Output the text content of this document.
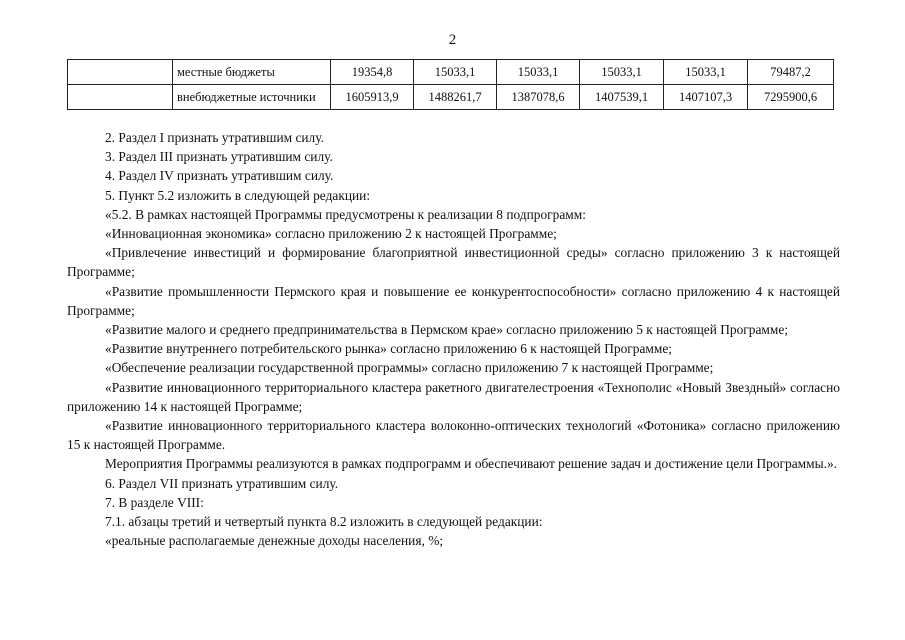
2
	местные бюджеты	19354,8	15033,1	15033,1	15033,1	15033,1	79487,2
	внебюджетные источники	1605913,9	1488261,7	1387078,6	1407539,1	1407107,3	7295900,6

2. Раздел I признать утратившим силу.

3. Раздел III признать утратившим силу.

4. Раздел IV признать утратившим силу.

5. Пункт 5.2 изложить в следующей редакции:

«5.2. В рамках настоящей Программы предусмотрены к реализации 8 подпрограмм:

«Инновационная экономика» согласно приложению 2 к настоящей Программе;

«Привлечение инвестиций и формирование благоприятной инвестиционной среды» согласно приложению 3 к настоящей Программе;

«Развитие промышленности Пермского края и повышение ее конкурентоспособности» согласно приложению 4 к настоящей Программе;

«Развитие малого и среднего предпринимательства в Пермском крае» согласно приложению 5 к настоящей Программе;

«Развитие внутреннего потребительского рынка» согласно приложению 6 к настоящей Программе;

«Обеспечение реализации государственной программы» согласно приложению 7 к настоящей Программе;

«Развитие инновационного территориального кластера ракетного двигателестроения «Технополис «Новый Звездный» согласно приложению 14 к настоящей Программе;

«Развитие инновационного территориального кластера волоконно-оптических технологий «Фотоника» согласно приложению 15 к настоящей Программе.

Мероприятия Программы реализуются в рамках подпрограмм и обеспечивают решение задач и достижение цели Программы.».

6. Раздел VII признать утратившим силу.

7. В разделе VIII:

7.1. абзацы третий и четвертый пункта 8.2 изложить в следующей редакции:

«реальные располагаемые денежные доходы населения, %;
